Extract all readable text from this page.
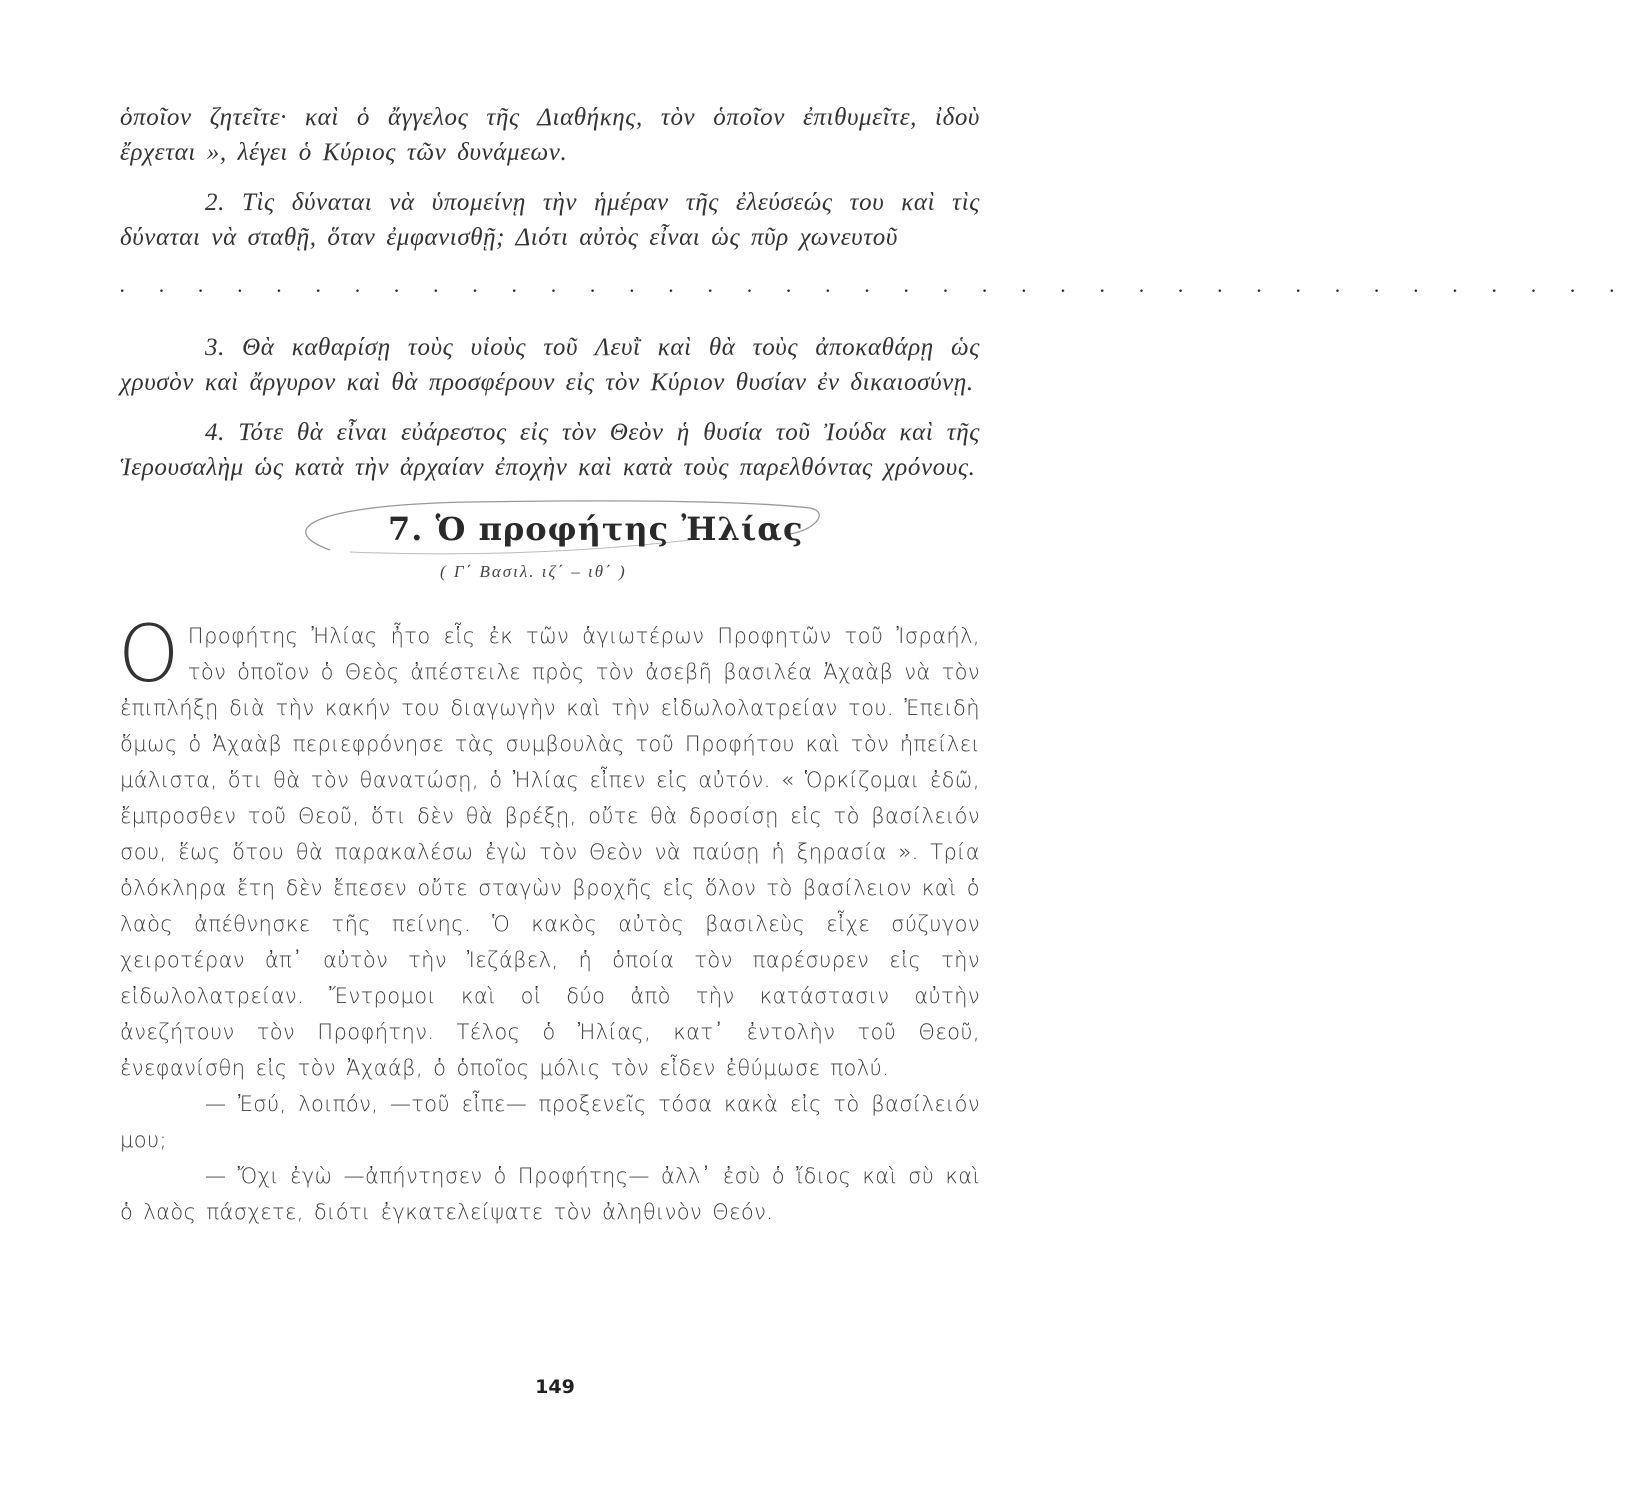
ὁποῖον ζητεῖτε· καὶ ὁ ἄγγελος τῆς Διαθήκης, τὸν ὁποῖον ἐπιθυμεῖτε, ἰδοὺ ἔρχεται », λέγει ὁ Κύριος τῶν δυνάμεων.

2. Τὶς δύναται νὰ ὑπομείνῃ τὴν ἡμέραν τῆς ἐλεύσεώς του καὶ τὶς δύναται νὰ σταθῇ, ὅταν ἐμφανισθῇ; Διότι αὐτὸς εἶναι ὡς πῦρ χωνευτοῦ

. . . . . . . . . . . . . . . . . . . . . . . . . . . . . . . . . . . . . . .

3. Θὰ καθαρίσῃ τοὺς υἱοὺς τοῦ Λευῒ καὶ θὰ τοὺς ἀποκαθάρῃ ὡς χρυσὸν καὶ ἄργυρον καὶ θὰ προσφέρουν εἰς τὸν Κύριον θυσίαν ἐν δικαιοσύνῃ.

4. Τότε θὰ εἶναι εὐάρεστος εἰς τὸν Θεὸν ἡ θυσία τοῦ Ἰούδα καὶ τῆς Ἱερουσαλὴμ ὡς κατὰ τὴν ἀρχαίαν ἐποχὴν καὶ κατὰ τοὺς παρελθόντας χρόνους.

7. Ὁ προφήτης Ἠλίας
( Γ΄ Βασιλ. ιζ΄ – ιθ΄ )

Ο Προφήτης Ἠλίας ἦτο εἷς ἐκ τῶν ἁγιωτέρων Προφητῶν τοῦ Ἰσραήλ, τὸν ὁποῖον ὁ Θεὸς ἀπέστειλε πρὸς τὸν ἀσεβῆ βασιλέα Ἀχαὰβ νὰ τὸν ἐπιπλήξῃ διὰ τὴν κακήν του διαγωγὴν καὶ τὴν εἰδωλολατρείαν του. Ἐπειδὴ ὅμως ὁ Ἀχαὰβ περιεφρόνησε τὰς συμβουλὰς τοῦ Προφήτου καὶ τὸν ἠπείλει μάλιστα, ὅτι θὰ τὸν θανατώσῃ, ὁ Ἠλίας εἶπεν εἰς αὐτόν. « Ὁρκίζομαι ἐδῶ, ἔμπροσθεν τοῦ Θεοῦ, ὅτι δὲν θὰ βρέξῃ, οὔτε θὰ δροσίσῃ εἰς τὸ βασίλειόν σου, ἕως ὅτου θὰ παρακαλέσω ἐγὼ τὸν Θεὸν νὰ παύσῃ ἡ ξηρασία ». Τρία ὁλόκληρα ἔτη δὲν ἔπεσεν οὔτε σταγὼν βροχῆς εἰς ὅλον τὸ βασίλειον καὶ ὁ λαὸς ἀπέθνησκε τῆς πείνης. Ὁ κακὸς αὐτὸς βασιλεὺς εἶχε σύζυγον χειροτέραν ἀπ᾿ αὐτὸν τὴν Ἰεζάβελ, ἡ ὁποία τὸν παρέσυρεν εἰς τὴν εἰδωλολατρείαν. Ἔντρομοι καὶ οἱ δύο ἀπὸ τὴν κατάστασιν αὐτὴν ἀνεζήτουν τὸν Προφήτην. Τέλος ὁ Ἠλίας, κατ᾿ ἐντολὴν τοῦ Θεοῦ, ἐνεφανίσθη εἰς τὸν Ἀχαάβ, ὁ ὁποῖος μόλις τὸν εἶδεν ἐθύμωσε πολύ.

— Ἐσύ, λοιπόν, —τοῦ εἶπε— προξενεῖς τόσα κακὰ εἰς τὸ βασίλειόν μου;

— Ὄχι ἐγὼ —ἀπήντησεν ὁ Προφήτης— ἀλλ᾿ ἐσὺ ὁ ἴδιος καὶ σὺ καὶ ὁ λαὸς πάσχετε, διότι ἐγκατελείψατε τὸν ἀληθινὸν Θεόν.

149
